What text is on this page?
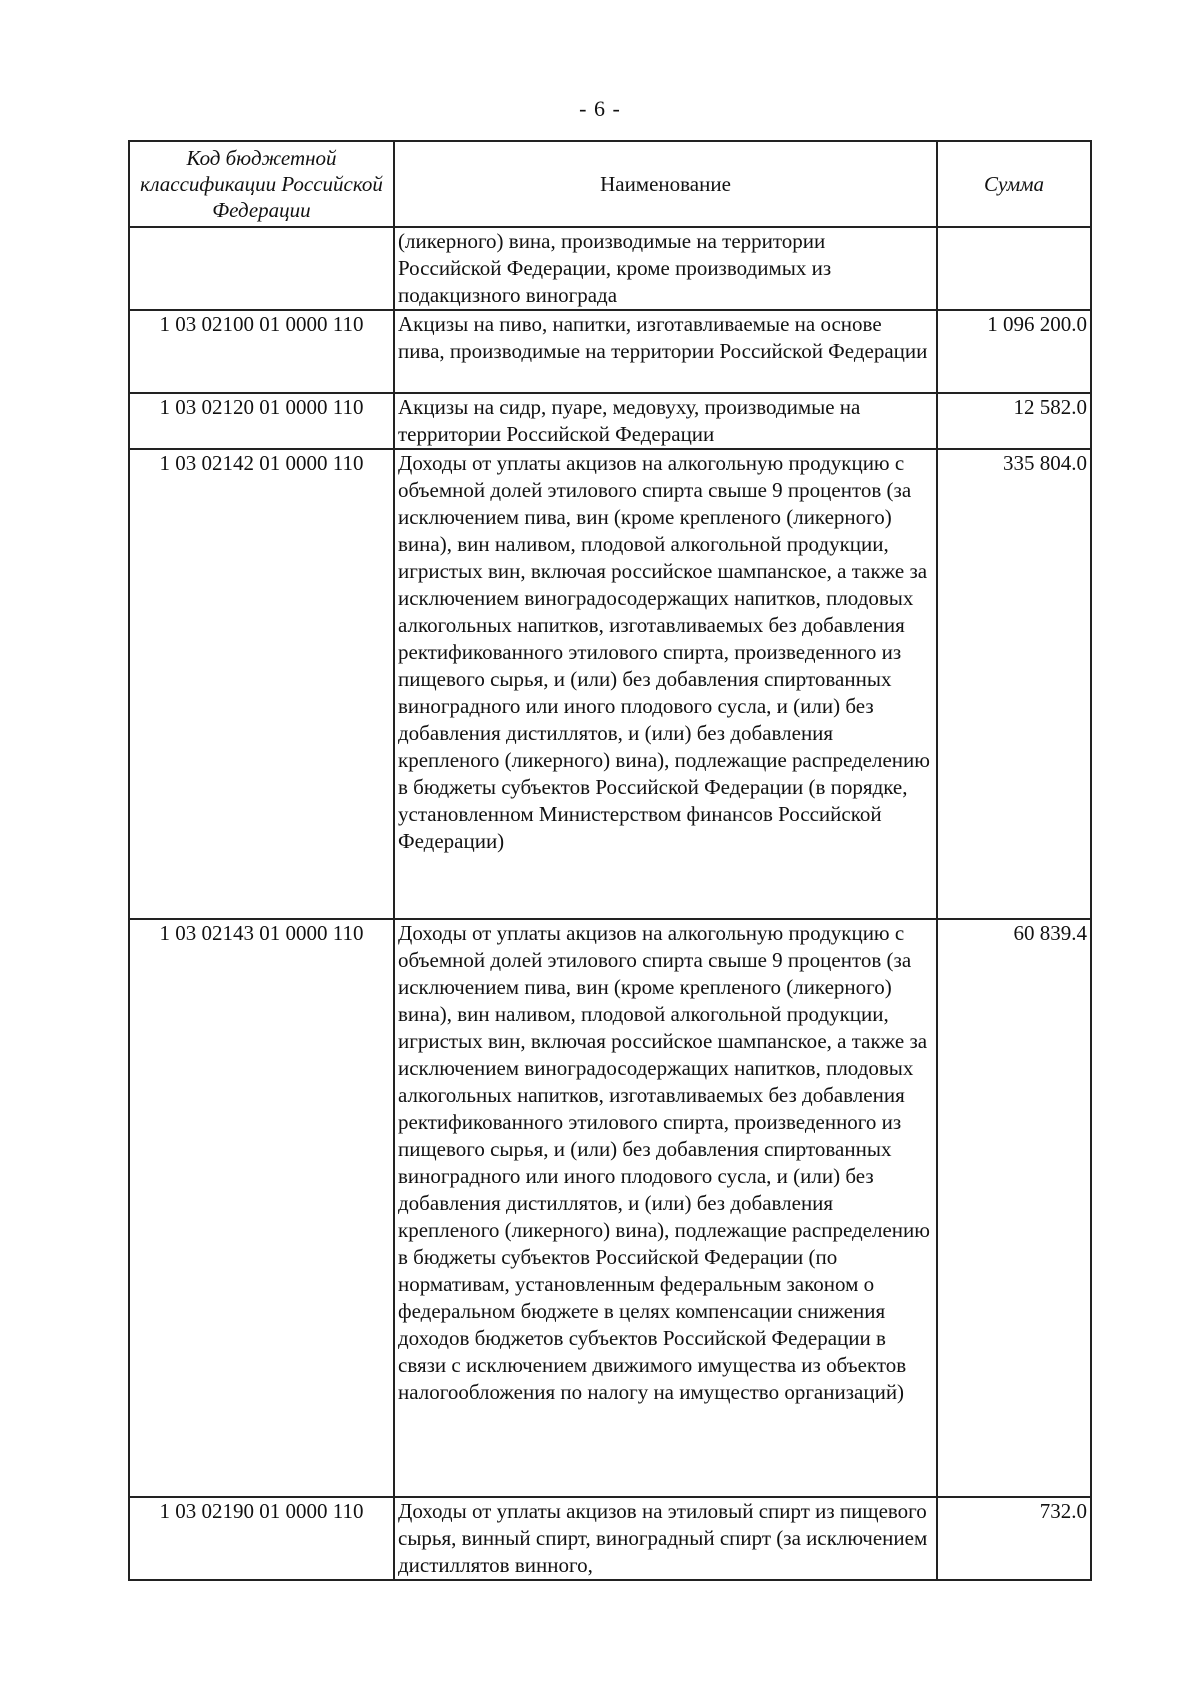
- 6 -
Код бюджетной классификации Российской Федерации	Наименование	Сумма
	(ликерного) вина, производимые на территории Российской Федерации, кроме производимых из подакцизного винограда	
1 03 02100 01 0000 110	Акцизы на пиво, напитки, изготавливаемые на основе пива, производимые на территории Российской Федерации	1 096 200.0
1 03 02120 01 0000 110	Акцизы на сидр, пуаре, медовуху, производимые на территории Российской Федерации	12 582.0
1 03 02142 01 0000 110	Доходы от уплаты акцизов на алкогольную продукцию с объемной долей этилового спирта свыше 9 процентов (за исключением пива, вин (кроме крепленого (ликерного) вина), вин наливом, плодовой алкогольной продукции, игристых вин, включая российское шампанское, а также за исключением виноградосодержащих напитков, плодовых алкогольных напитков, изготавливаемых без добавления ректификованного этилового спирта, произведенного из пищевого сырья, и (или) без добавления спиртованных виноградного или иного плодового сусла, и (или) без добавления дистиллятов, и (или) без добавления крепленого (ликерного) вина), подлежащие распределению в бюджеты субъектов Российской Федерации (в порядке, установленном Министерством финансов Российской Федерации)	335 804.0
1 03 02143 01 0000 110	Доходы от уплаты акцизов на алкогольную продукцию с объемной долей этилового спирта свыше 9 процентов (за исключением пива, вин (кроме крепленого (ликерного) вина), вин наливом, плодовой алкогольной продукции, игристых вин, включая российское шампанское, а также за исключением виноградосодержащих напитков, плодовых алкогольных напитков, изготавливаемых без добавления ректификованного этилового спирта, произведенного из пищевого сырья, и (или) без добавления спиртованных виноградного или иного плодового сусла, и (или) без добавления дистиллятов, и (или) без добавления крепленого (ликерного) вина), подлежащие распределению в бюджеты субъектов Российской Федерации (по нормативам, установленным федеральным законом о федеральном бюджете в целях компенсации снижения доходов бюджетов субъектов Российской Федерации в связи с исключением движимого имущества из объектов налогообложения по налогу на имущество организаций)	60 839.4
1 03 02190 01 0000 110	Доходы от уплаты акцизов на этиловый спирт из пищевого сырья, винный спирт, виноградный спирт (за исключением дистиллятов винного,	732.0
